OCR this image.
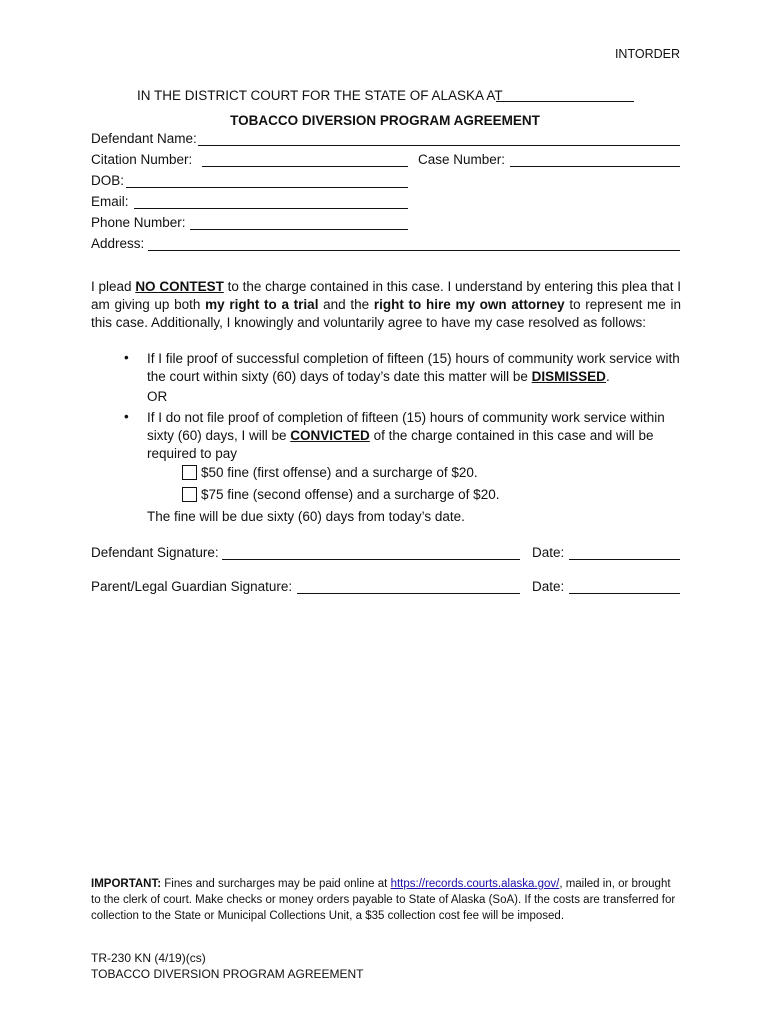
INTORDER
IN THE DISTRICT COURT FOR THE STATE OF ALASKA AT
TOBACCO DIVERSION PROGRAM AGREEMENT
Defendant Name:
Citation Number:	Case Number:
DOB:
Email:
Phone Number:
Address:
I plead NO CONTEST to the charge contained in this case. I understand by entering this plea that I am giving up both my right to a trial and the right to hire my own attorney to represent me in this case. Additionally, I knowingly and voluntarily agree to have my case resolved as follows:
• If I file proof of successful completion of fifteen (15) hours of community work service with the court within sixty (60) days of today’s date this matter will be DISMISSED.
OR
• If I do not file proof of completion of fifteen (15) hours of community work service within sixty (60) days, I will be CONVICTED of the charge contained in this case and will be required to pay
$50 fine (first offense) and a surcharge of $20.
$75 fine (second offense) and a surcharge of $20.
The fine will be due sixty (60) days from today’s date.
Defendant Signature:	Date:
Parent/Legal Guardian Signature:	Date:
IMPORTANT: Fines and surcharges may be paid online at https://records.courts.alaska.gov/, mailed in, or brought to the clerk of court. Make checks or money orders payable to State of Alaska (SoA). If the costs are transferred for collection to the State or Municipal Collections Unit, a $35 collection cost fee will be imposed.
TR-230 KN (4/19)(cs)
TOBACCO DIVERSION PROGRAM AGREEMENT
